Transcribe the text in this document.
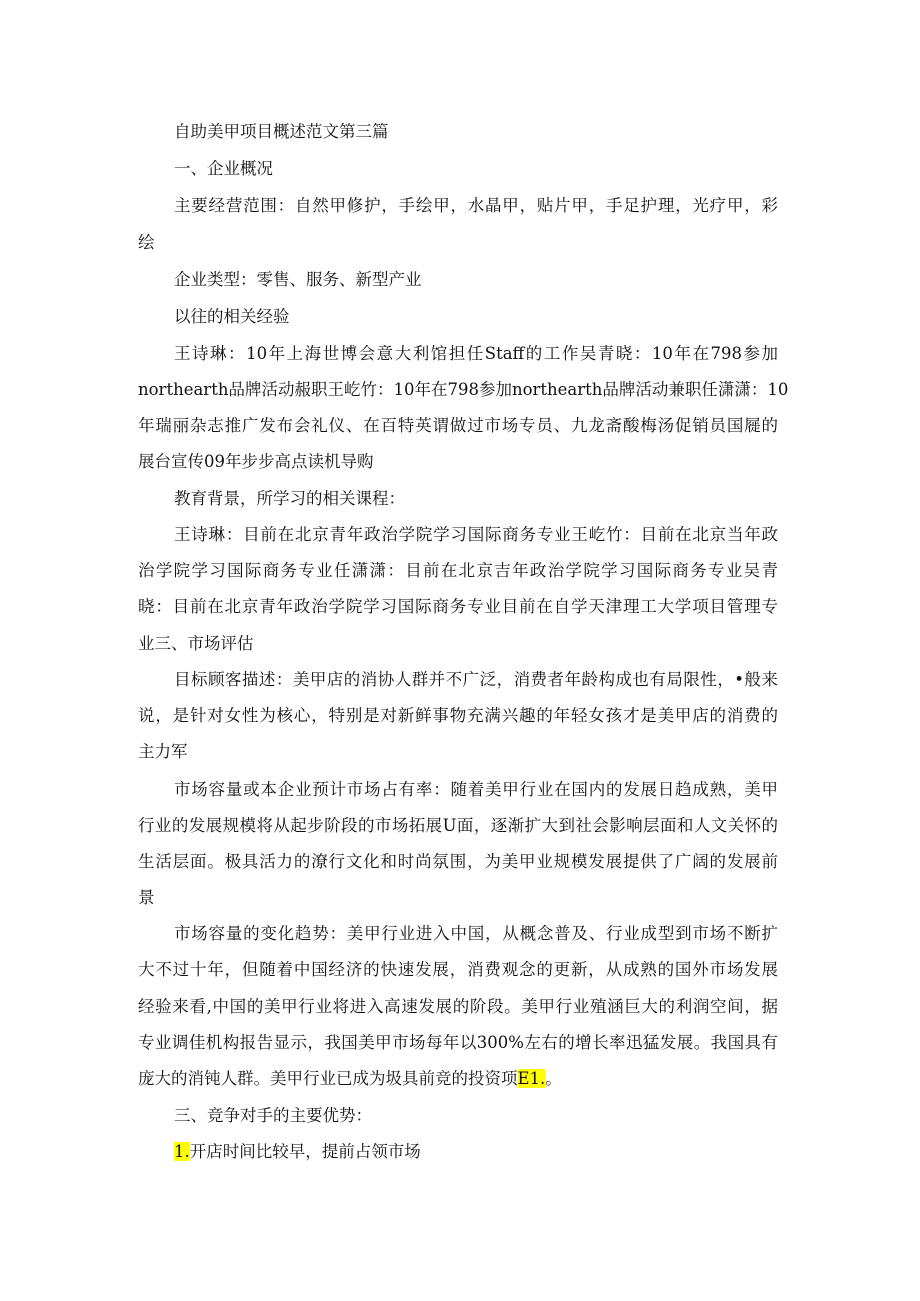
自助美甲项目概述范文第三篇
一、企业概况
主要经营范围：自然甲修护，手绘甲，水晶甲，贴片甲，手足护理，光疗甲，彩
绘
企业类型：零售、服务、新型产业
以往的相关经验
王诗琳：10年上海世博会意大利馆担任Staff的工作吴青晓：10年在798参加
northearth品牌活动赧职王屹竹：10年在798参加northearth品牌活动兼职任潇潇：10
年瑞丽杂志推广发布会礼仪、在百特英谓做过市场专员、九龙斋酸梅汤促销员国屣的
展台宣传09年步步高点读机导购
教育背景，所学习的相关课程：
王诗琳：目前在北京青年政治学院学习国际商务专业王屹竹：目前在北京当年政
治学院学习国际商务专业任潇潇：目前在北京吉年政治学院学习国际商务专业吴青
晓：目前在北京青年政治学院学习国际商务专业目前在自学天津理工大学项目管理专
业三、市场评估
目标顾客描述：美甲店的消协人群并不广泛，消费者年龄构成也有局限性，•般来
说，是针对女性为核心，特别是对新鲜事物充满兴趣的年轻女孩才是美甲店的消费的
主力军
市场容量或本企业预计市场占有率：随着美甲行业在国内的发展日趋成熟，美甲
行业的发展规模将从起步阶段的市场拓展U面，逐渐扩大到社会影响层面和人文关怀的
生活层面。极具活力的潦行文化和时尚氛围，为美甲业规模发展提供了广阔的发展前
景
市场容量的变化趋势：美甲行业进入中国，从概念普及、行业成型到市场不断扩
大不过十年，但随着中国经济的快速发展，消费观念的更新，从成熟的国外市场发展
经验来看,中国的美甲行业将进入高速发展的阶段。美甲行业殖涵巨大的利润空间，据
专业调佳机构报告显示，我国美甲市场每年以300%左右的增长率迅猛发展。我国具有
庞大的消钝人群。美甲行业已成为圾具前竞的投资项E1.。
三、竞争对手的主要优势：
1.开店时间比较早，提前占领市场
